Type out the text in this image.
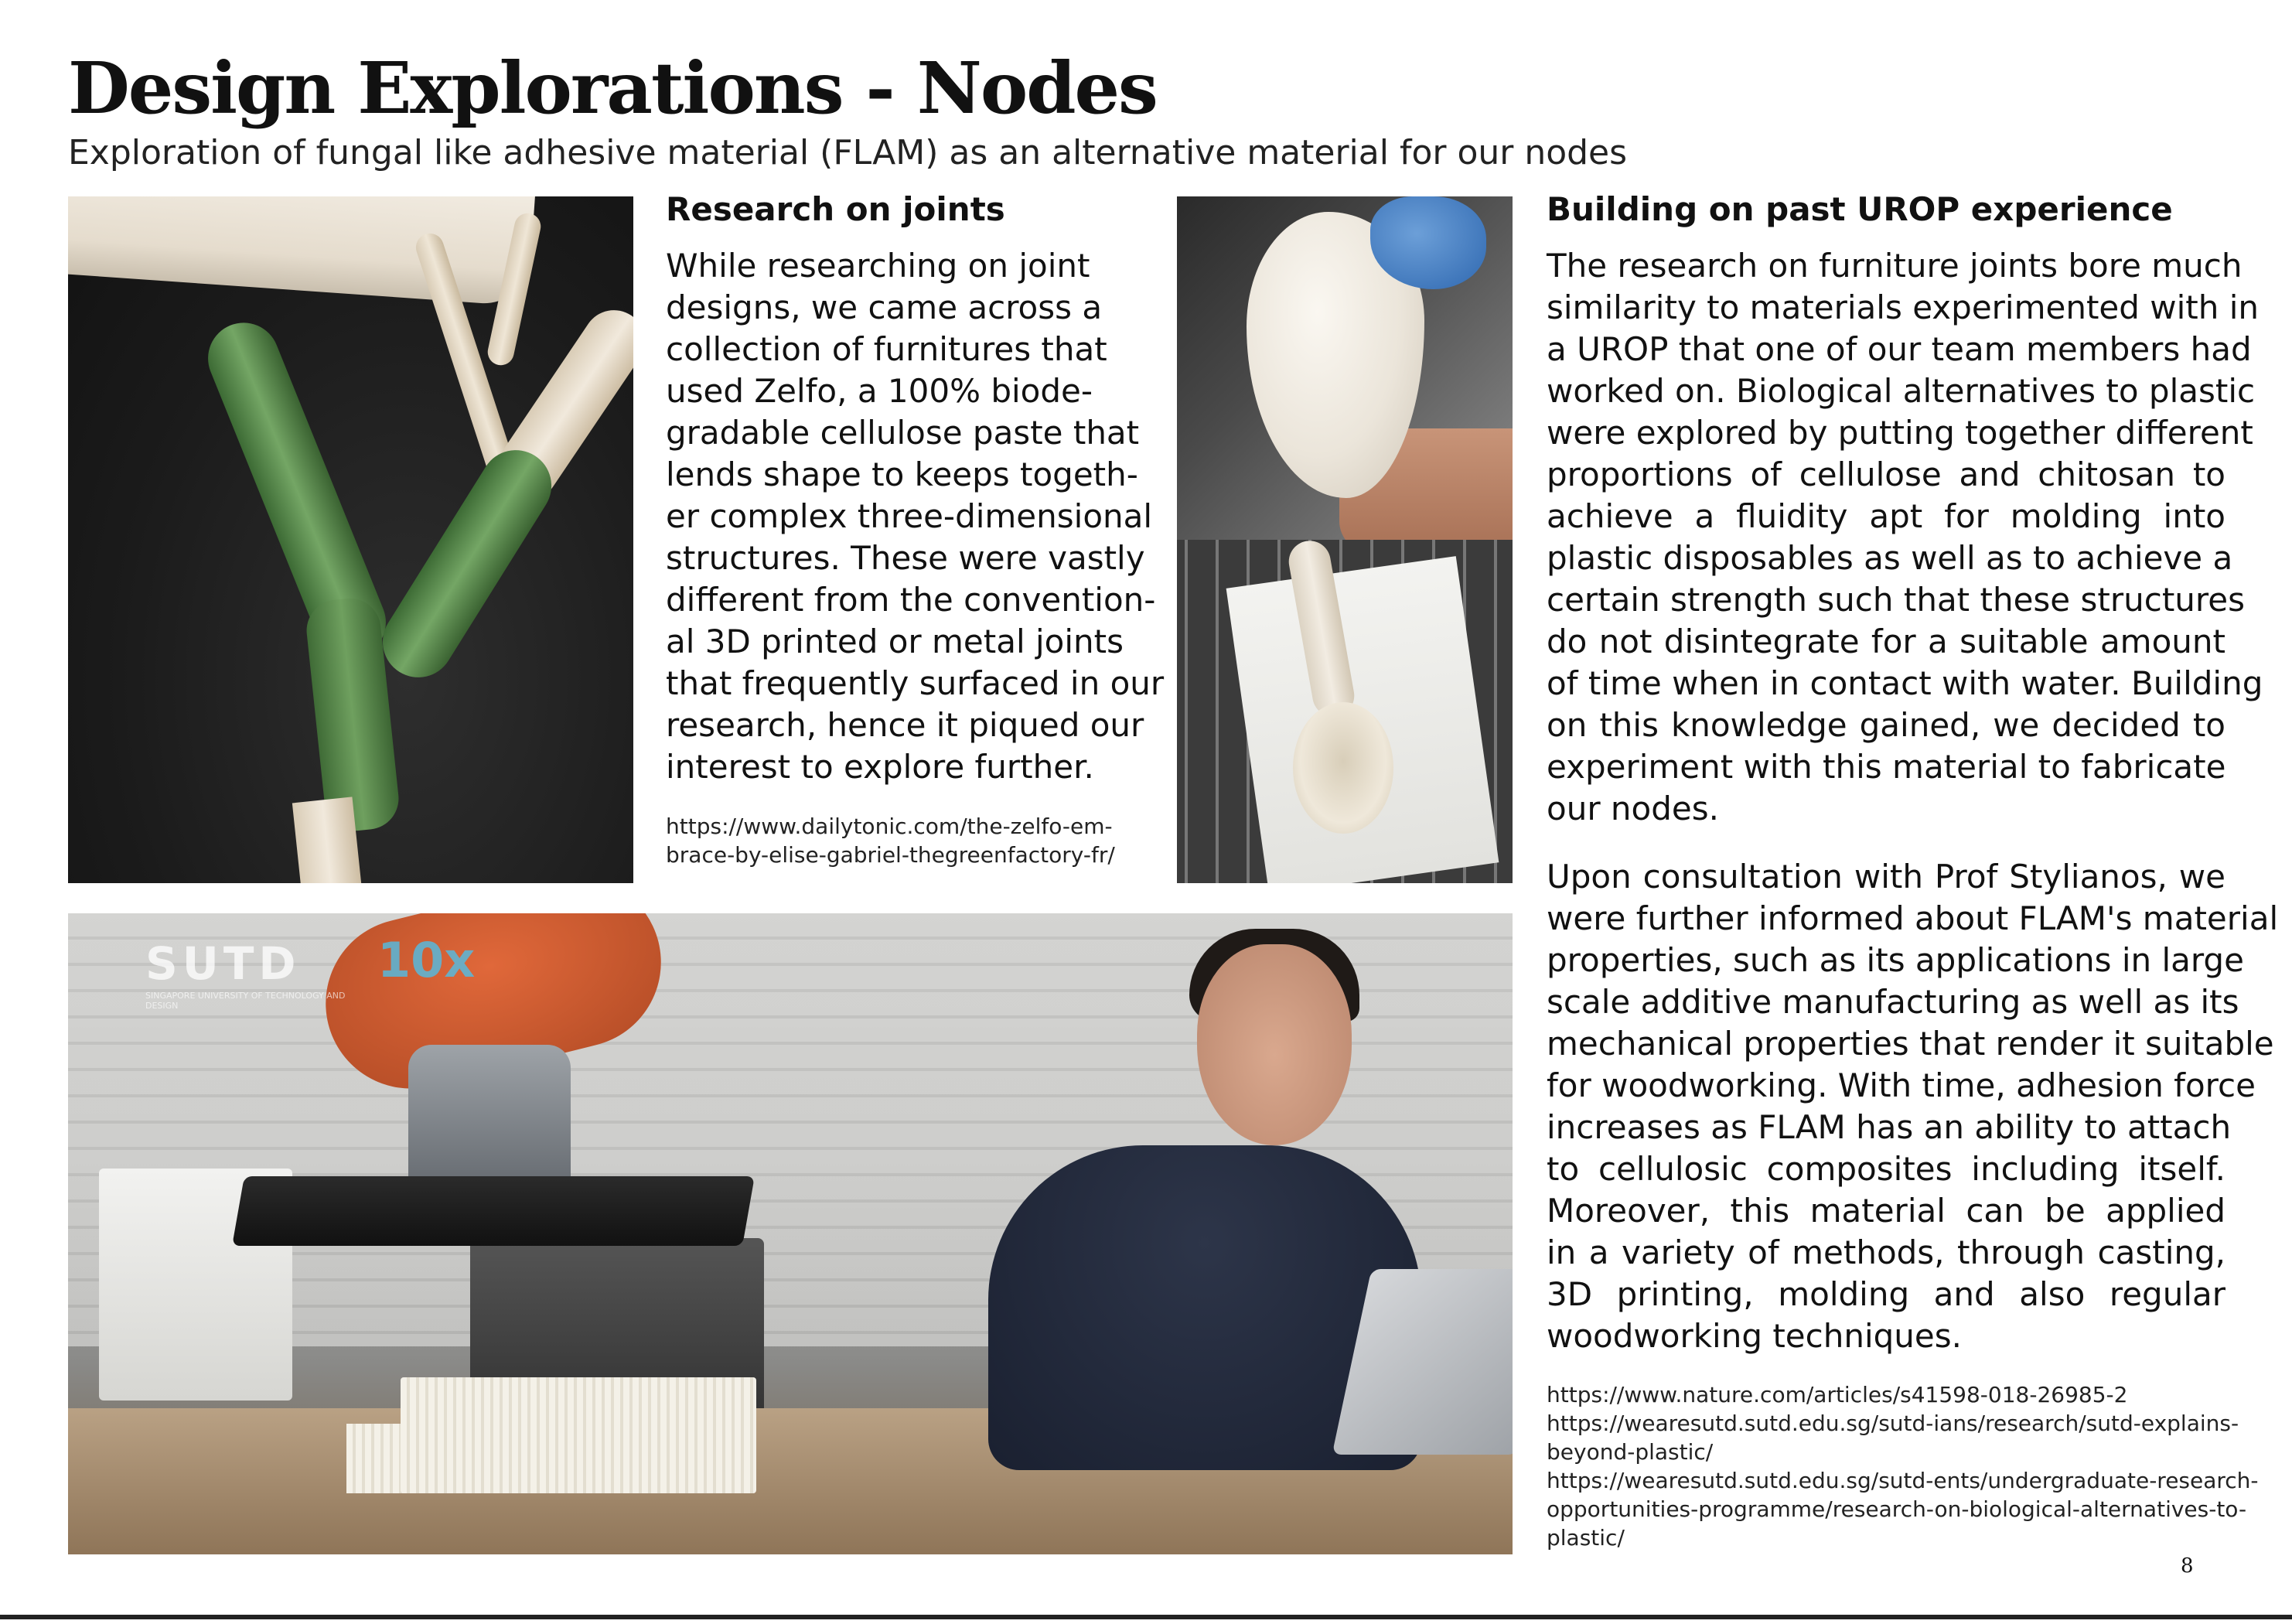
Design Explorations - Nodes
Exploration of fungal like adhesive material (FLAM) as an alternative material for our nodes
Research on joints
While researching on joint
designs, we came across a
collection of furnitures that
used Zelfo, a 100% biode-
gradable cellulose paste that
lends shape to keeps togeth-
er complex three-dimensional
structures. These were vastly
different from the convention-
al 3D printed or metal joints
that frequently surfaced in our
research, hence it piqued our
interest to explore further.
https://www.dailytonic.com/the-zelfo-em-
brace-by-elise-gabriel-thegreenfactory-fr/
Building on past UROP experience
The research on furniture joints bore much
similarity to materials experimented with in
a UROP that one of our team members had
worked on. Biological alternatives to plastic
were explored by putting together different
proportions of cellulose and chitosan to
achieve a fluidity apt for molding into
plastic disposables as well as to achieve a
certain strength such that these structures
do not disintegrate for a suitable amount
of time when in contact with water. Building
on this knowledge gained, we decided to
experiment with this material to fabricate
our nodes.
Upon consultation with Prof Stylianos, we
were further informed about FLAM's material
properties, such as its applications in large
scale additive manufacturing as well as its
mechanical properties that render it suitable
for woodworking. With time, adhesion force
increases as FLAM has an ability to attach
to cellulosic composites including itself.
Moreover, this material can be applied
in a variety of methods, through casting,
3D printing, molding and also regular
woodworking techniques.
https://www.nature.com/articles/s41598-018-26985-2
https://wearesutd.sutd.edu.sg/sutd-ians/research/sutd-explains-
beyond-plastic/
https://wearesutd.sutd.edu.sg/sutd-ents/undergraduate-research-
opportunities-programme/research-on-biological-alternatives-to-
plastic/
SUTD
SINGAPORE UNIVERSITY OF TECHNOLOGY AND DESIGN
10x
8
